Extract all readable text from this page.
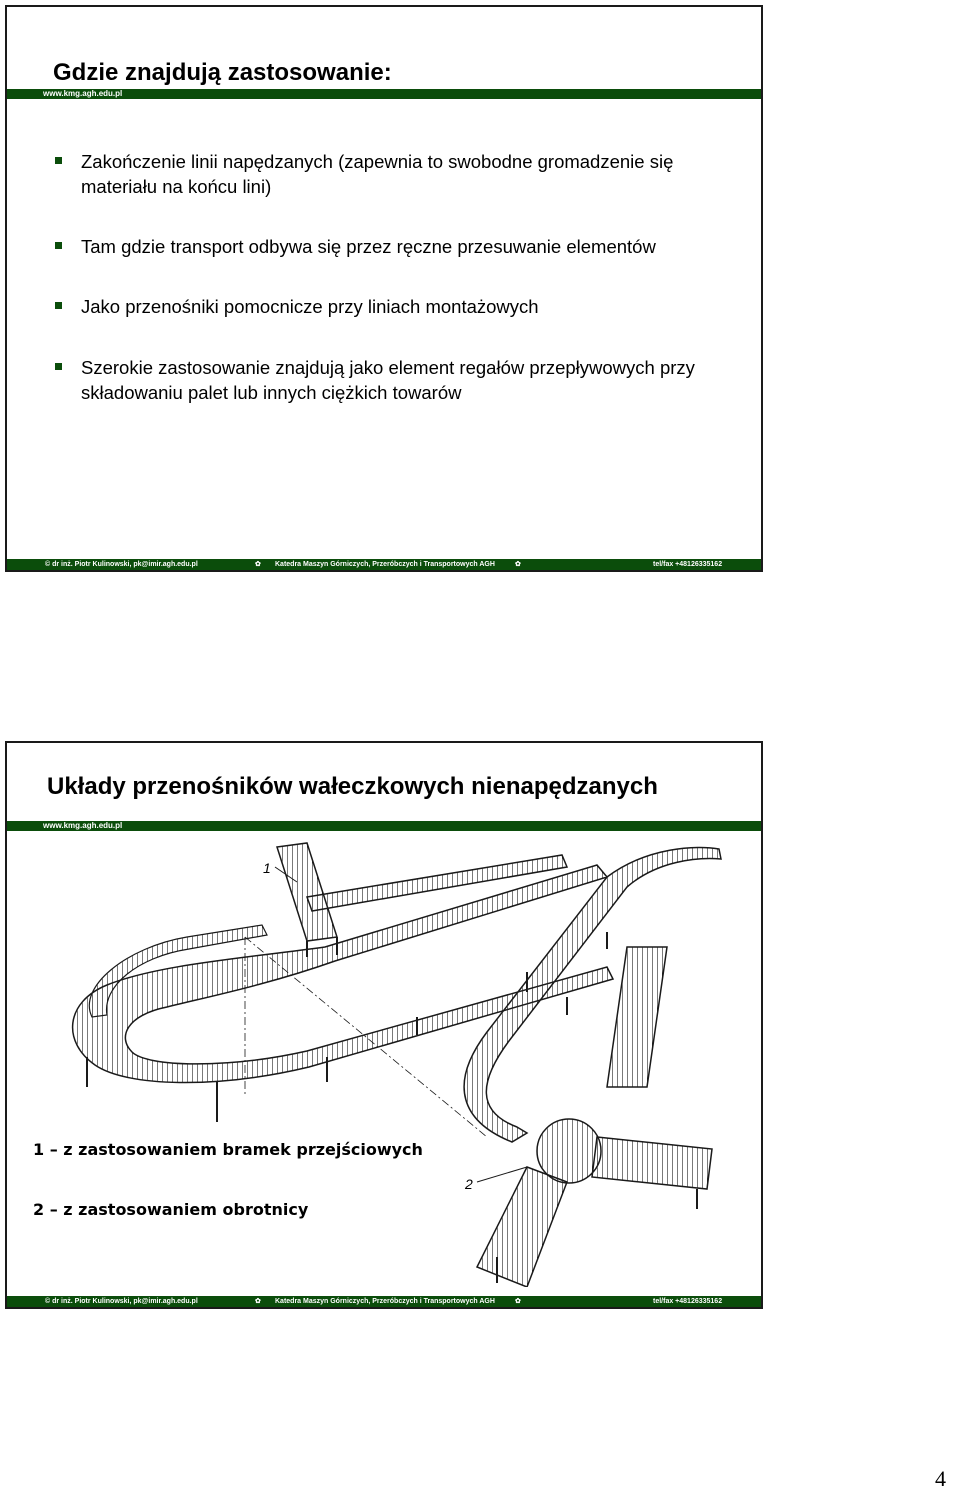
Gdzie znajdują zastosowanie:
www.kmg.agh.edu.pl
Zakończenie linii napędzanych (zapewnia to swobodne gromadzenie się materiału na końcu lini)
Tam gdzie transport odbywa się przez ręczne przesuwanie elementów
Jako przenośniki pomocnicze przy liniach montażowych
Szerokie zastosowanie znajdują jako element regałów przepływowych przy składowaniu palet lub innych ciężkich towarów
© dr inż. Piotr Kulinowski, pk@imir.agh.edu.pl	✿ Katedra Maszyn Górniczych, Przeróbczych i Transportowych AGH	✿	tel/fax +48126335162
Układy przenośników wałeczkowych nienapędzanych
www.kmg.agh.edu.pl
1
2
1 – z zastosowaniem bramek przejściowych
2 – z zastosowaniem obrotnicy
© dr inż. Piotr Kulinowski, pk@imir.agh.edu.pl	✿ Katedra Maszyn Górniczych, Przeróbczych i Transportowych AGH	✿	tel/fax +48126335162
4
